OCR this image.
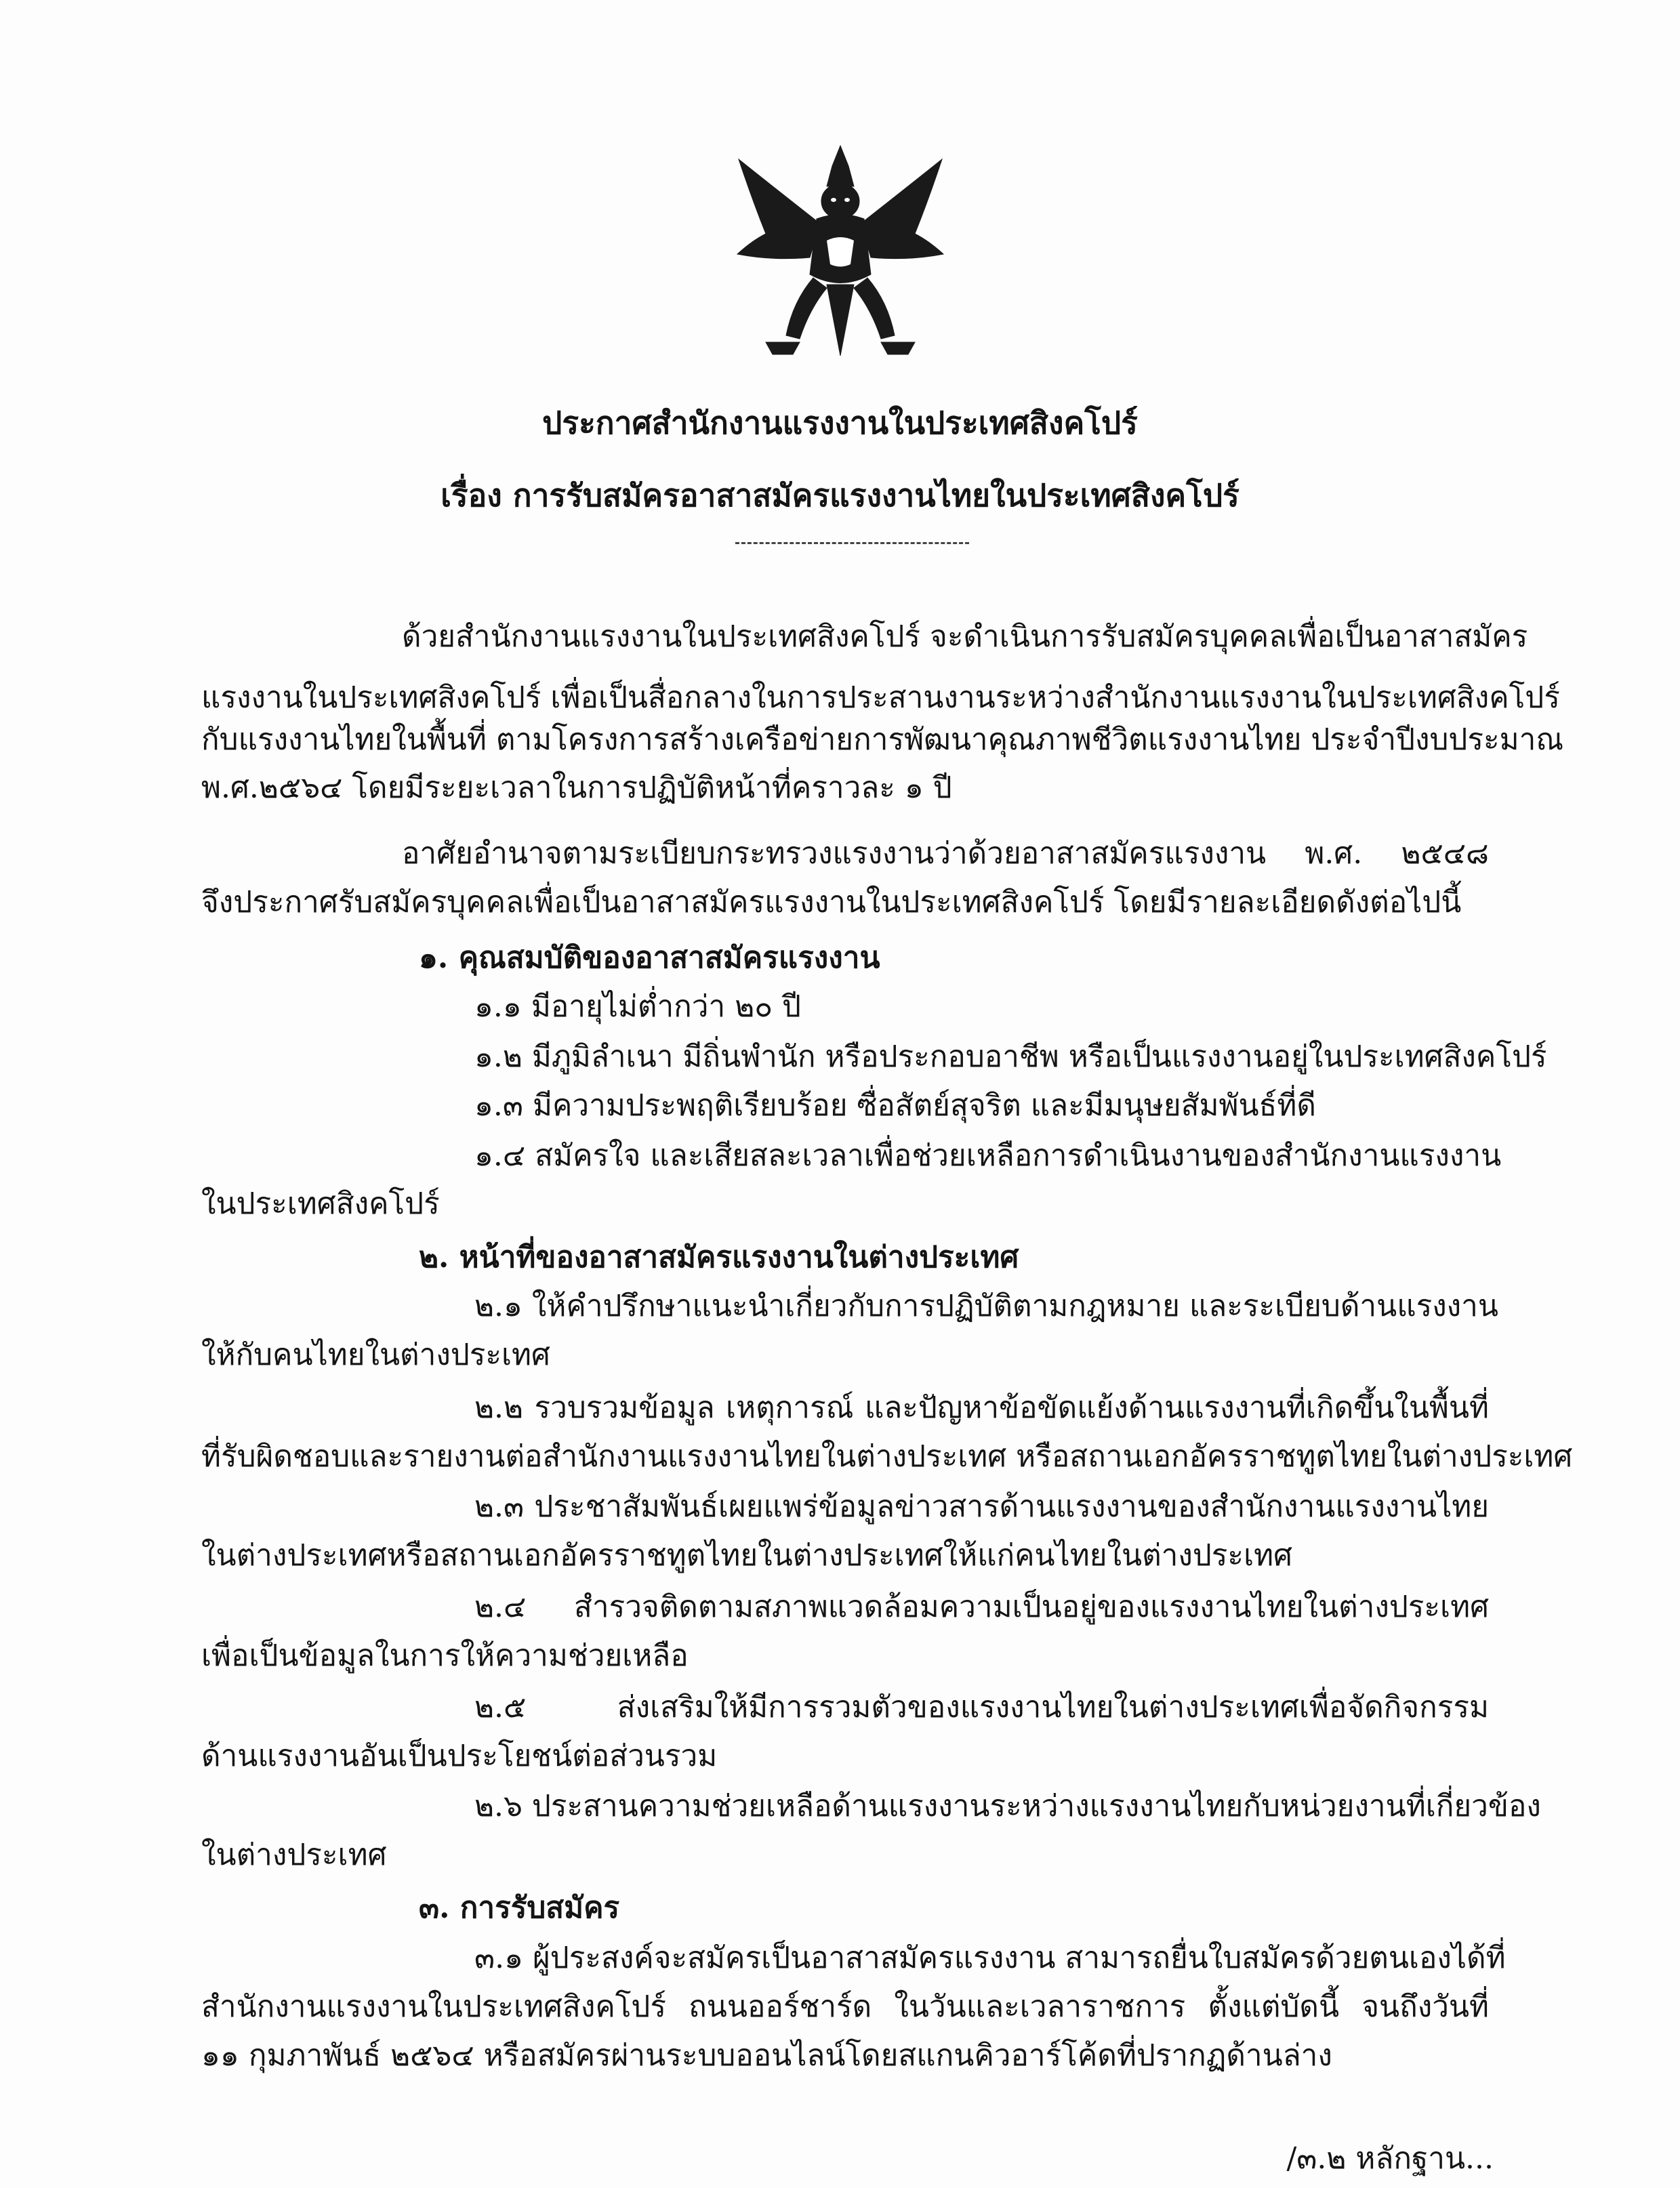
ประกาศสำนักงานแรงงานในประเทศสิงคโปร์
เรื่อง การรับสมัครอาสาสมัครแรงงานไทยในประเทศสิงคโปร์
ด้วยสำนักงานแรงงานในประเทศสิงคโปร์ จะดำเนินการรับสมัครบุคคลเพื่อเป็นอาสาสมัคร
แรงงานในประเทศสิงคโปร์ เพื่อเป็นสื่อกลางในการประสานงานระหว่างสำนักงานแรงงานในประเทศสิงคโปร์
กับแรงงานไทยในพื้นที่ ตามโครงการสร้างเครือข่ายการพัฒนาคุณภาพชีวิตแรงงานไทย ประจำปีงบประมาณ
พ.ศ.๒๕๖๔ โดยมีระยะเวลาในการปฏิบัติหน้าที่คราวละ ๑ ปี
อาศัยอำนาจตามระเบียบกระทรวงแรงงานว่าด้วยอาสาสมัครแรงงาน พ.ศ. ๒๕๔๘
จึงประกาศรับสมัครบุคคลเพื่อเป็นอาสาสมัครแรงงานในประเทศสิงคโปร์ โดยมีรายละเอียดดังต่อไปนี้
๑. คุณสมบัติของอาสาสมัครแรงงาน
๑.๑ มีอายุไม่ต่ำกว่า ๒๐ ปี
๑.๒ มีภูมิลำเนา มีถิ่นพำนัก หรือประกอบอาชีพ หรือเป็นแรงงานอยู่ในประเทศสิงคโปร์
๑.๓ มีความประพฤติเรียบร้อย ซื่อสัตย์สุจริต และมีมนุษยสัมพันธ์ที่ดี
๑.๔ สมัครใจ และเสียสละเวลาเพื่อช่วยเหลือการดำเนินงานของสำนักงานแรงงาน
ในประเทศสิงคโปร์
๒. หน้าที่ของอาสาสมัครแรงงานในต่างประเทศ
๒.๑ ให้คำปรึกษาแนะนำเกี่ยวกับการปฏิบัติตามกฎหมาย และระเบียบด้านแรงงาน
ให้กับคนไทยในต่างประเทศ
๒.๒ รวบรวมข้อมูล เหตุการณ์ และปัญหาข้อขัดแย้งด้านแรงงานที่เกิดขึ้นในพื้นที่
ที่รับผิดชอบและรายงานต่อสำนักงานแรงงานไทยในต่างประเทศ หรือสถานเอกอัครราชทูตไทยในต่างประเทศ
๒.๓ ประชาสัมพันธ์เผยแพร่ข้อมูลข่าวสารด้านแรงงานของสำนักงานแรงงานไทย
ในต่างประเทศหรือสถานเอกอัครราชทูตไทยในต่างประเทศให้แก่คนไทยในต่างประเทศ
๒.๔ สำรวจติดตามสภาพแวดล้อมความเป็นอยู่ของแรงงานไทยในต่างประเทศ
เพื่อเป็นข้อมูลในการให้ความช่วยเหลือ
๒.๕ ส่งเสริมให้มีการรวมตัวของแรงงานไทยในต่างประเทศเพื่อจัดกิจกรรม
ด้านแรงงานอันเป็นประโยชน์ต่อส่วนรวม
๒.๖ ประสานความช่วยเหลือด้านแรงงานระหว่างแรงงานไทยกับหน่วยงานที่เกี่ยวข้อง
ในต่างประเทศ
๓. การรับสมัคร
๓.๑ ผู้ประสงค์จะสมัครเป็นอาสาสมัครแรงงาน สามารถยื่นใบสมัครด้วยตนเองได้ที่
สำนักงานแรงงานในประเทศสิงคโปร์ ถนนออร์ชาร์ด ในวันและเวลาราชการ ตั้งแต่บัดนี้ จนถึงวันที่
๑๑ กุมภาพันธ์ ๒๕๖๔ หรือสมัครผ่านระบบออนไลน์โดยสแกนคิวอาร์โค้ดที่ปรากฏด้านล่าง
/๓.๒ หลักฐาน...
